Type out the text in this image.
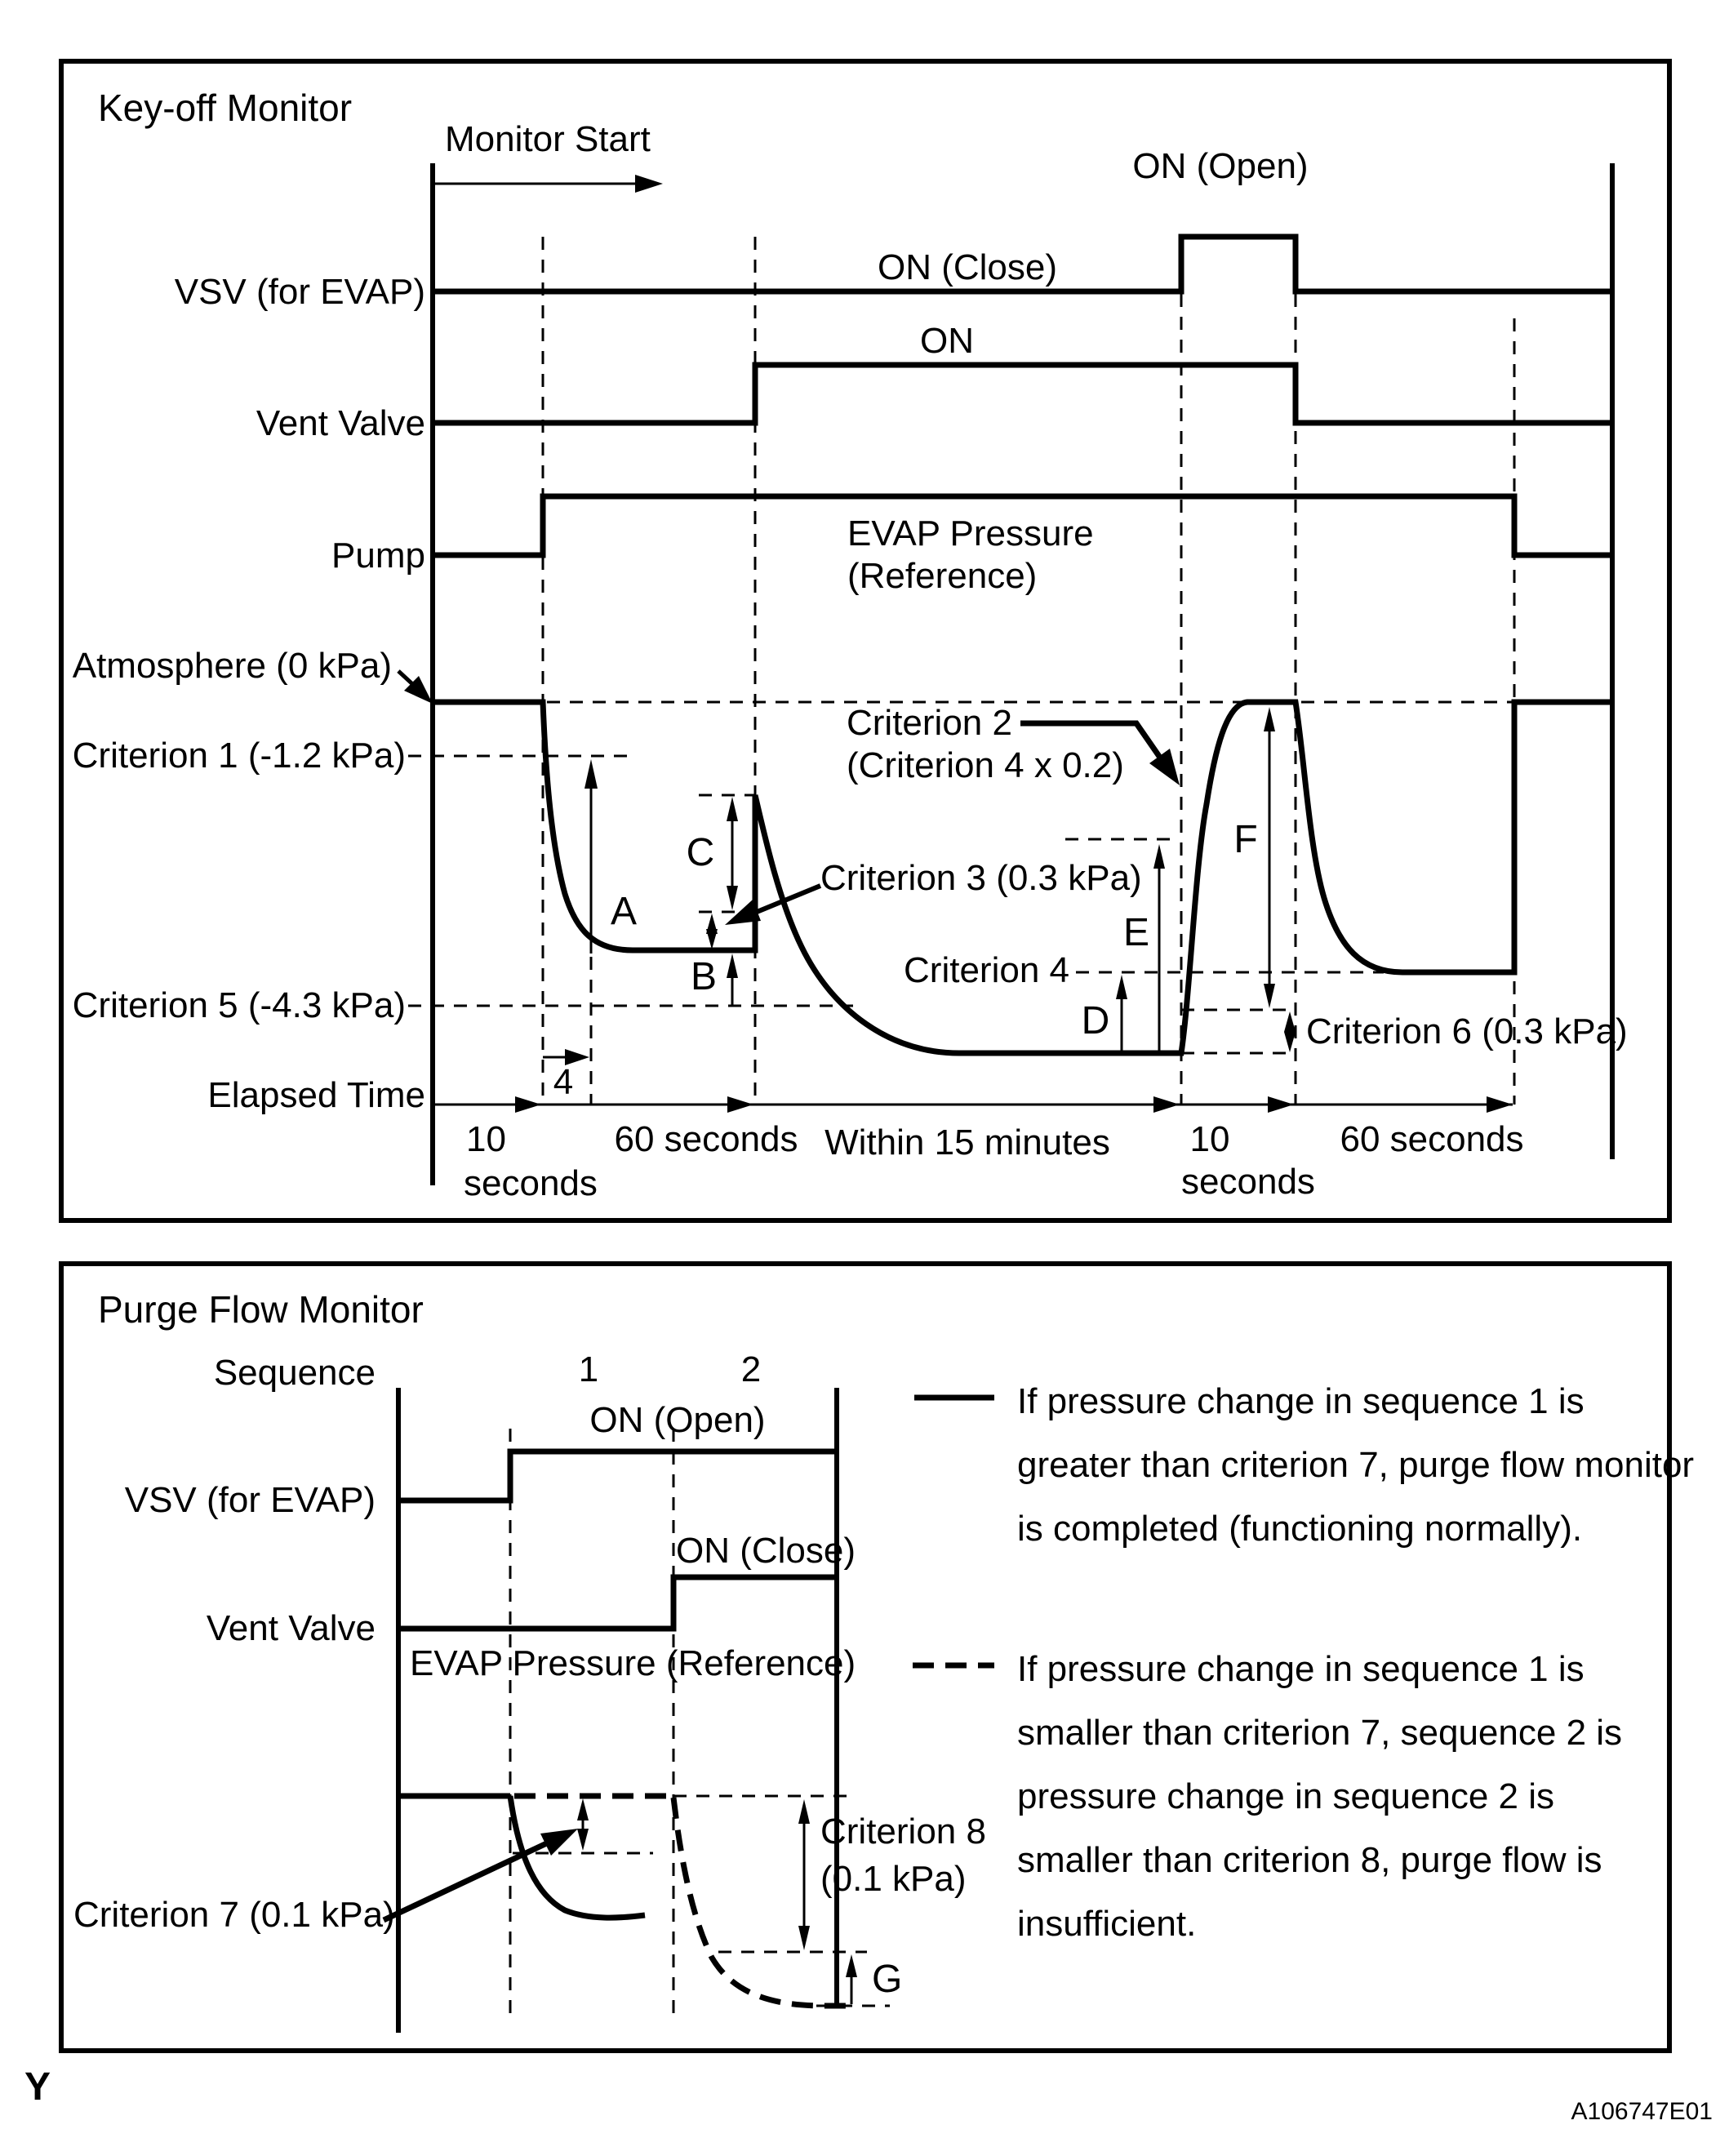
Key-off Monitor
Monitor Start
VSV (for EVAP)
ON (Open)
ON (Close)
Vent Valve
ON
Pump
EVAP Pressure
(Reference)
Atmosphere (0 kPa)
Criterion 1 (-1.2 kPa)
Criterion 5 (-4.3 kPa)
A
C
Criterion 3 (0.3 kPa)
B
Criterion 2
(Criterion 4 x 0.2)
Criterion 4
D
E
F
Criterion 6 (0.3 kPa)
4
Elapsed Time
10
seconds
60 seconds Within 15 minutes 10
seconds
60 seconds
Purge Flow Monitor
Sequence	1	2
ON (Open)
VSV (for EVAP)
ON (Close)
Vent Valve
EVAP Pressure (Reference)
Criterion 7 (0.1 kPa)
Criterion 8
(0.1 kPa)
G
If pressure change in sequence 1 is
greater than criterion 7, purge flow monitor
is completed (functioning normally).
If pressure change in sequence 1 is
smaller than criterion 7, sequence 2 is
pressure change in sequence 2 is
smaller than criterion 8, purge flow is
insufficient.
Y
A106747E01
